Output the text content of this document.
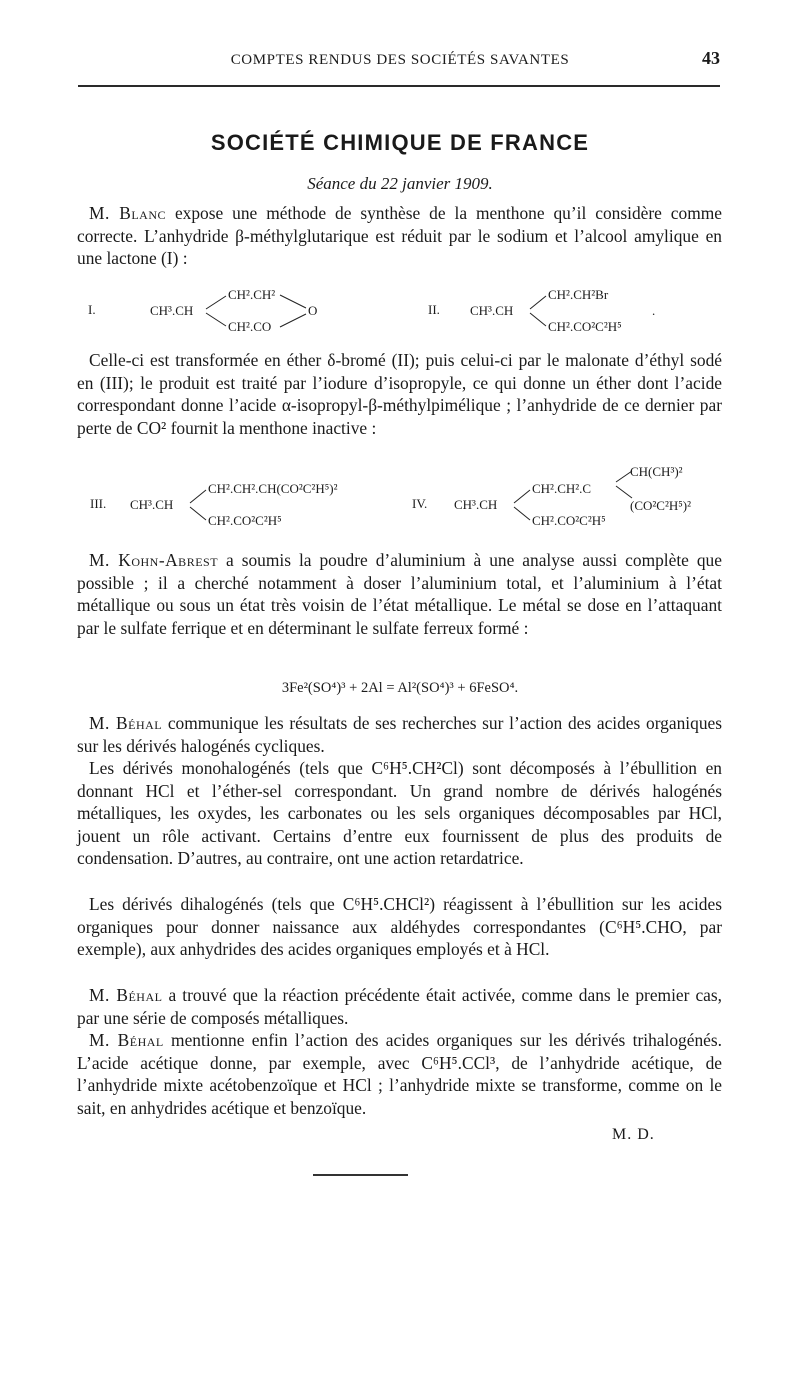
COMPTES RENDUS DES SOCIÉTÉS SAVANTES	43
SOCIÉTÉ CHIMIQUE DE FRANCE
Séance du 22 janvier 1909.

M. Blanc expose une méthode de synthèse de la menthone qu’il considère comme correcte. L’anhydride β-méthylglutarique est réduit par le sodium et l’alcool amylique en une lactone (I) :

I.	CH³.CH
CH².CH²
CH².CO
O	II. CH³.CH
CH².CH²Br
CH².CO²C²H⁵
.

Celle-ci est transformée en éther δ-bromé (II); puis celui-ci par le malonate d’éthyl sodé en (III); le produit est traité par l’iodure d’isopropyle, ce qui donne un éther dont l’acide correspondant donne l’acide α-isopropyl-β-méthylpimélique ; l’anhydride de ce dernier par perte de CO² fournit la menthone inactive :

III. CH³.CH
CH².CH².CH(CO²C²H⁵)²
CH².CO²C²H⁵
IV. CH³.CH
CH².CH².C
CH(CH³)²
(CO²C²H⁵)²
CH².CO²C²H⁵

M. Kohn-Abrest a soumis la poudre d’aluminium à une analyse aussi complète que possible ; il a cherché notamment à doser l’aluminium total, et l’aluminium à l’état métallique ou sous un état très voisin de l’état métallique. Le métal se dose en l’attaquant par le sulfate ferrique et en déterminant le sulfate ferreux formé :

3Fe²(SO⁴)³ + 2Al = Al²(SO⁴)³ + 6FeSO⁴.

M. Béhal communique les résultats de ses recherches sur l’action des acides organiques sur les dérivés halogénés cycliques.

Les dérivés monohalogénés (tels que C⁶H⁵.CH²Cl) sont décomposés à l’ébullition en donnant HCl et l’éther-sel correspondant. Un grand nombre de dérivés halogénés métalliques, les oxydes, les carbonates ou les sels organiques décomposables par HCl, jouent un rôle activant. Certains d’entre eux fournissent de plus des produits de condensation. D’autres, au contraire, ont une action retardatrice.

Les dérivés dihalogénés (tels que C⁶H⁵.CHCl²) réagissent à l’ébullition sur les acides organiques pour donner naissance aux aldéhydes correspondantes (C⁶H⁵.CHO, par exemple), aux anhydrides des acides organiques employés et à HCl.

M. Béhal a trouvé que la réaction précédente était activée, comme dans le premier cas, par une série de composés métalliques.

M. Béhal mentionne enfin l’action des acides organiques sur les dérivés trihalogénés. L’acide acétique donne, par exemple, avec C⁶H⁵.CCl³, de l’anhydride acétique, de l’anhydride mixte acétobenzoïque et HCl ; l’anhydride mixte se transforme, comme on le sait, en anhydrides acétique et benzoïque.

M. D.
